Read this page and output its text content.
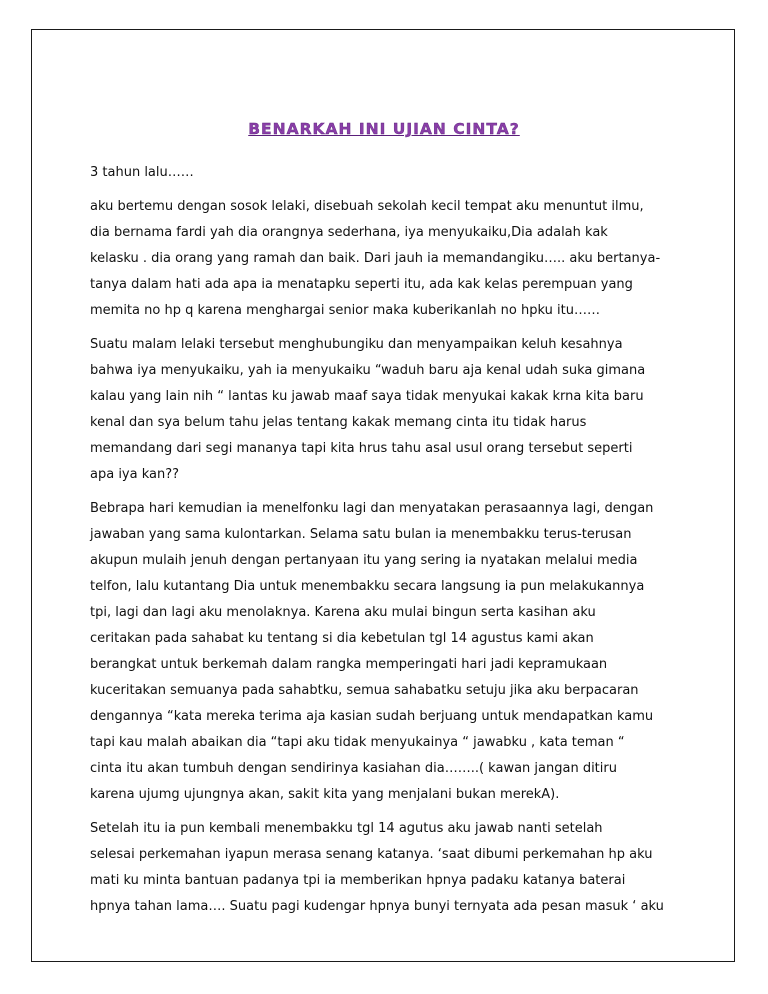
BENARKAH INI UJIAN CINTA?

3 tahun lalu……

aku bertemu dengan sosok lelaki, disebuah sekolah kecil tempat aku menuntut ilmu,
dia bernama fardi yah dia orangnya sederhana, iya menyukaiku,Dia adalah kak
kelasku . dia orang yang ramah dan baik. Dari jauh ia memandangiku….. aku bertanya-
tanya dalam hati ada apa ia menatapku seperti itu, ada kak kelas perempuan yang
memita no hp q karena menghargai senior maka kuberikanlah no hpku itu……

Suatu malam lelaki tersebut menghubungiku dan menyampaikan keluh kesahnya
bahwa iya menyukaiku, yah ia menyukaiku “waduh baru aja kenal udah suka gimana
kalau yang lain nih “ lantas ku jawab maaf saya tidak menyukai kakak krna kita baru
kenal dan sya belum tahu jelas tentang kakak memang cinta itu tidak harus
memandang dari segi mananya tapi kita hrus tahu asal usul orang tersebut seperti
apa iya kan??

Bebrapa hari kemudian ia menelfonku lagi dan menyatakan perasaannya lagi, dengan
jawaban yang sama kulontarkan. Selama satu bulan ia menembakku terus-terusan
akupun mulaih jenuh dengan pertanyaan itu yang sering ia nyatakan melalui media
telfon, lalu kutantang Dia untuk menembakku secara langsung ia pun melakukannya
tpi, lagi dan lagi aku menolaknya. Karena aku mulai bingun serta kasihan aku
ceritakan pada sahabat ku tentang si dia kebetulan tgl 14 agustus kami akan
berangkat untuk berkemah dalam rangka memperingati hari jadi kepramukaan
kuceritakan semuanya pada sahabtku, semua sahabatku setuju jika aku berpacaran
dengannya “kata mereka terima aja kasian sudah berjuang untuk mendapatkan kamu
tapi kau malah abaikan dia “tapi aku tidak menyukainya “ jawabku , kata teman “
cinta itu akan tumbuh dengan sendirinya kasiahan dia……..( kawan jangan ditiru
karena ujumg ujungnya akan, sakit kita yang menjalani bukan merekA).

Setelah itu ia pun kembali menembakku tgl 14 agutus aku jawab nanti setelah
selesai perkemahan iyapun merasa senang katanya. ‘saat dibumi perkemahan hp aku
mati ku minta bantuan padanya tpi ia memberikan hpnya padaku katanya baterai
hpnya tahan lama…. Suatu pagi kudengar hpnya bunyi ternyata ada pesan masuk ‘ aku
